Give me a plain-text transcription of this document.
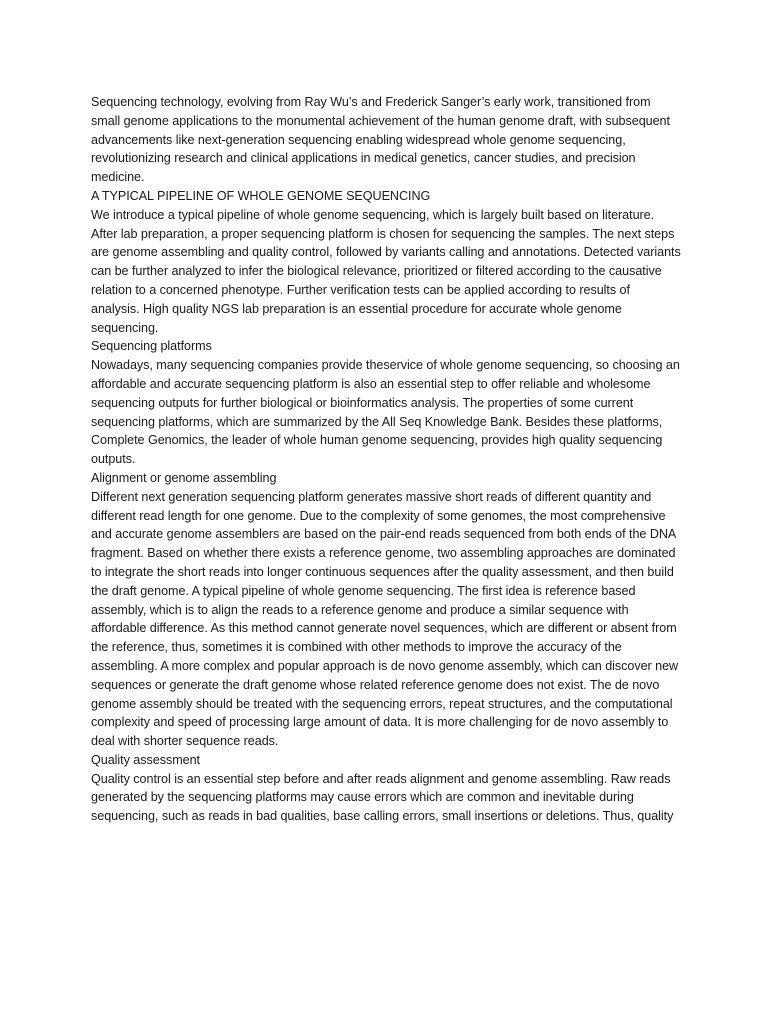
Sequencing technology, evolving from Ray Wu’s and Frederick Sanger’s early work, transitioned from small genome applications to the monumental achievement of the human genome draft, with subsequent advancements like next-generation sequencing enabling widespread whole genome sequencing, revolutionizing research and clinical applications in medical genetics, cancer studies, and precision medicine.

A TYPICAL PIPELINE OF WHOLE GENOME SEQUENCING

We introduce a typical pipeline of whole genome sequencing, which is largely built based on literature. After lab preparation, a proper sequencing platform is chosen for sequencing the samples. The next steps are genome assembling and quality control, followed by variants calling and annotations. Detected variants can be further analyzed to infer the biological relevance, prioritized or filtered according to the causative relation to a concerned phenotype. Further verification tests can be applied according to results of analysis. High quality NGS lab preparation is an essential procedure for accurate whole genome sequencing.

Sequencing platforms

Nowadays, many sequencing companies provide theservice of whole genome sequencing, so choosing an affordable and accurate sequencing platform is also an essential step to offer reliable and wholesome sequencing outputs for further biological or bioinformatics analysis. The properties of some current sequencing platforms, which are summarized by the All Seq Knowledge Bank. Besides these platforms, Complete Genomics, the leader of whole human genome sequencing, provides high quality sequencing outputs.

Alignment or genome assembling

Different next generation sequencing platform generates massive short reads of different quantity and different read length for one genome. Due to the complexity of some genomes, the most comprehensive and accurate genome assemblers are based on the pair-end reads sequenced from both ends of the DNA fragment. Based on whether there exists a reference genome, two assembling approaches are dominated to integrate the short reads into longer continuous sequences after the quality assessment, and then build the draft genome. A typical pipeline of whole genome sequencing. The first idea is reference based assembly, which is to align the reads to a reference genome and produce a similar sequence with affordable difference. As this method cannot generate novel sequences, which are different or absent from the reference, thus, sometimes it is combined with other methods to improve the accuracy of the assembling. A more complex and popular approach is de novo genome assembly, which can discover new sequences or generate the draft genome whose related reference genome does not exist. The de novo genome assembly should be treated with the sequencing errors, repeat structures, and the computational complexity and speed of processing large amount of data. It is more challenging for de novo assembly to deal with shorter sequence reads.

Quality assessment

Quality control is an essential step before and after reads alignment and genome assembling. Raw reads generated by the sequencing platforms may cause errors which are common and inevitable during sequencing, such as reads in bad qualities, base calling errors, small insertions or deletions. Thus, quality
